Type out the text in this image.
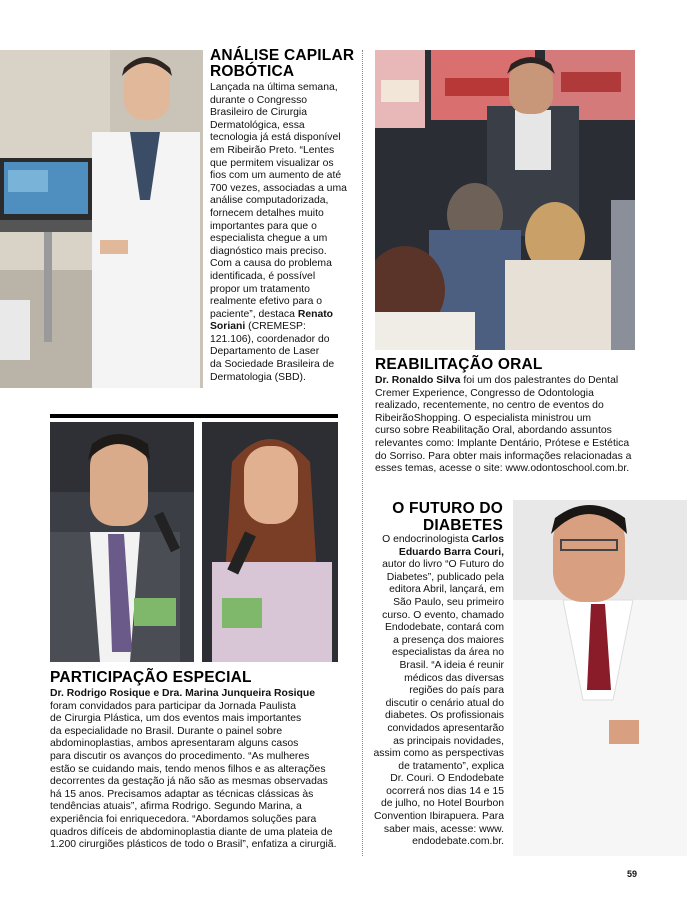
ANÁLISE CAPILAR
ROBÓTICA
Lançada na última semana,
durante o Congresso
Brasileiro de Cirurgia
Dermatológica, essa
tecnologia já está disponível
em Ribeirão Preto. “Lentes
que permitem visualizar os
fios com um aumento de até
700 vezes, associadas a uma
análise computadorizada,
fornecem detalhes muito
importantes para que o
especialista chegue a um
diagnóstico mais preciso.
Com a causa do problema
identificada, é possível
propor um tratamento
realmente efetivo para o
paciente”, destaca Renato
Soriani (CREMESP:
121.106), coordenador do
Departamento de Laser
da Sociedade Brasileira de
Dermatologia (SBD).
REABILITAÇÃO ORAL
Dr. Ronaldo Silva foi um dos palestrantes do Dental
Cremer Experience, Congresso de Odontologia
realizado, recentemente, no centro de eventos do
RibeirãoShopping. O especialista ministrou um
curso sobre Reabilitação Oral, abordando assuntos
relevantes como: Implante Dentário, Prótese e Estética
do Sorriso. Para obter mais informações relacionadas a
esses temas, acesse o site: www.odontoschool.com.br.
PARTICIPAÇÃO ESPECIAL
Dr. Rodrigo Rosique e Dra. Marina Junqueira Rosique
foram convidados para participar da Jornada Paulista
de Cirurgia Plástica, um dos eventos mais importantes
da especialidade no Brasil. Durante o painel sobre
abdominoplastias, ambos apresentaram alguns casos
para discutir os avanços do procedimento. “As mulheres
estão se cuidando mais, tendo menos filhos e as alterações
decorrentes da gestação já não são as mesmas observadas
há 15 anos. Precisamos adaptar as técnicas clássicas às
tendências atuais”, afirma Rodrigo. Segundo Marina, a
experiência foi enriquecedora. “Abordamos soluções para
quadros difíceis de abdominoplastia diante de uma plateia de
1.200 cirurgiões plásticos de todo o Brasil”, enfatiza a cirurgiã.
O FUTURO DO
DIABETES
O endocrinologista Carlos
Eduardo Barra Couri,
autor do livro “O Futuro do
Diabetes”, publicado pela
editora Abril, lançará, em
São Paulo, seu primeiro
curso. O evento, chamado
Endodebate, contará com
a presença dos maiores
especialistas da área no
Brasil. “A ideia é reunir
médicos das diversas
regiões do país para
discutir o cenário atual do
diabetes. Os profissionais
convidados apresentarão
as principais novidades,
assim como as perspectivas
de tratamento”, explica
Dr. Couri. O Endodebate
ocorrerá nos dias 14 e 15
de julho, no Hotel Bourbon
Convention Ibirapuera. Para
saber mais, acesse: www.
endodebate.com.br.
59
